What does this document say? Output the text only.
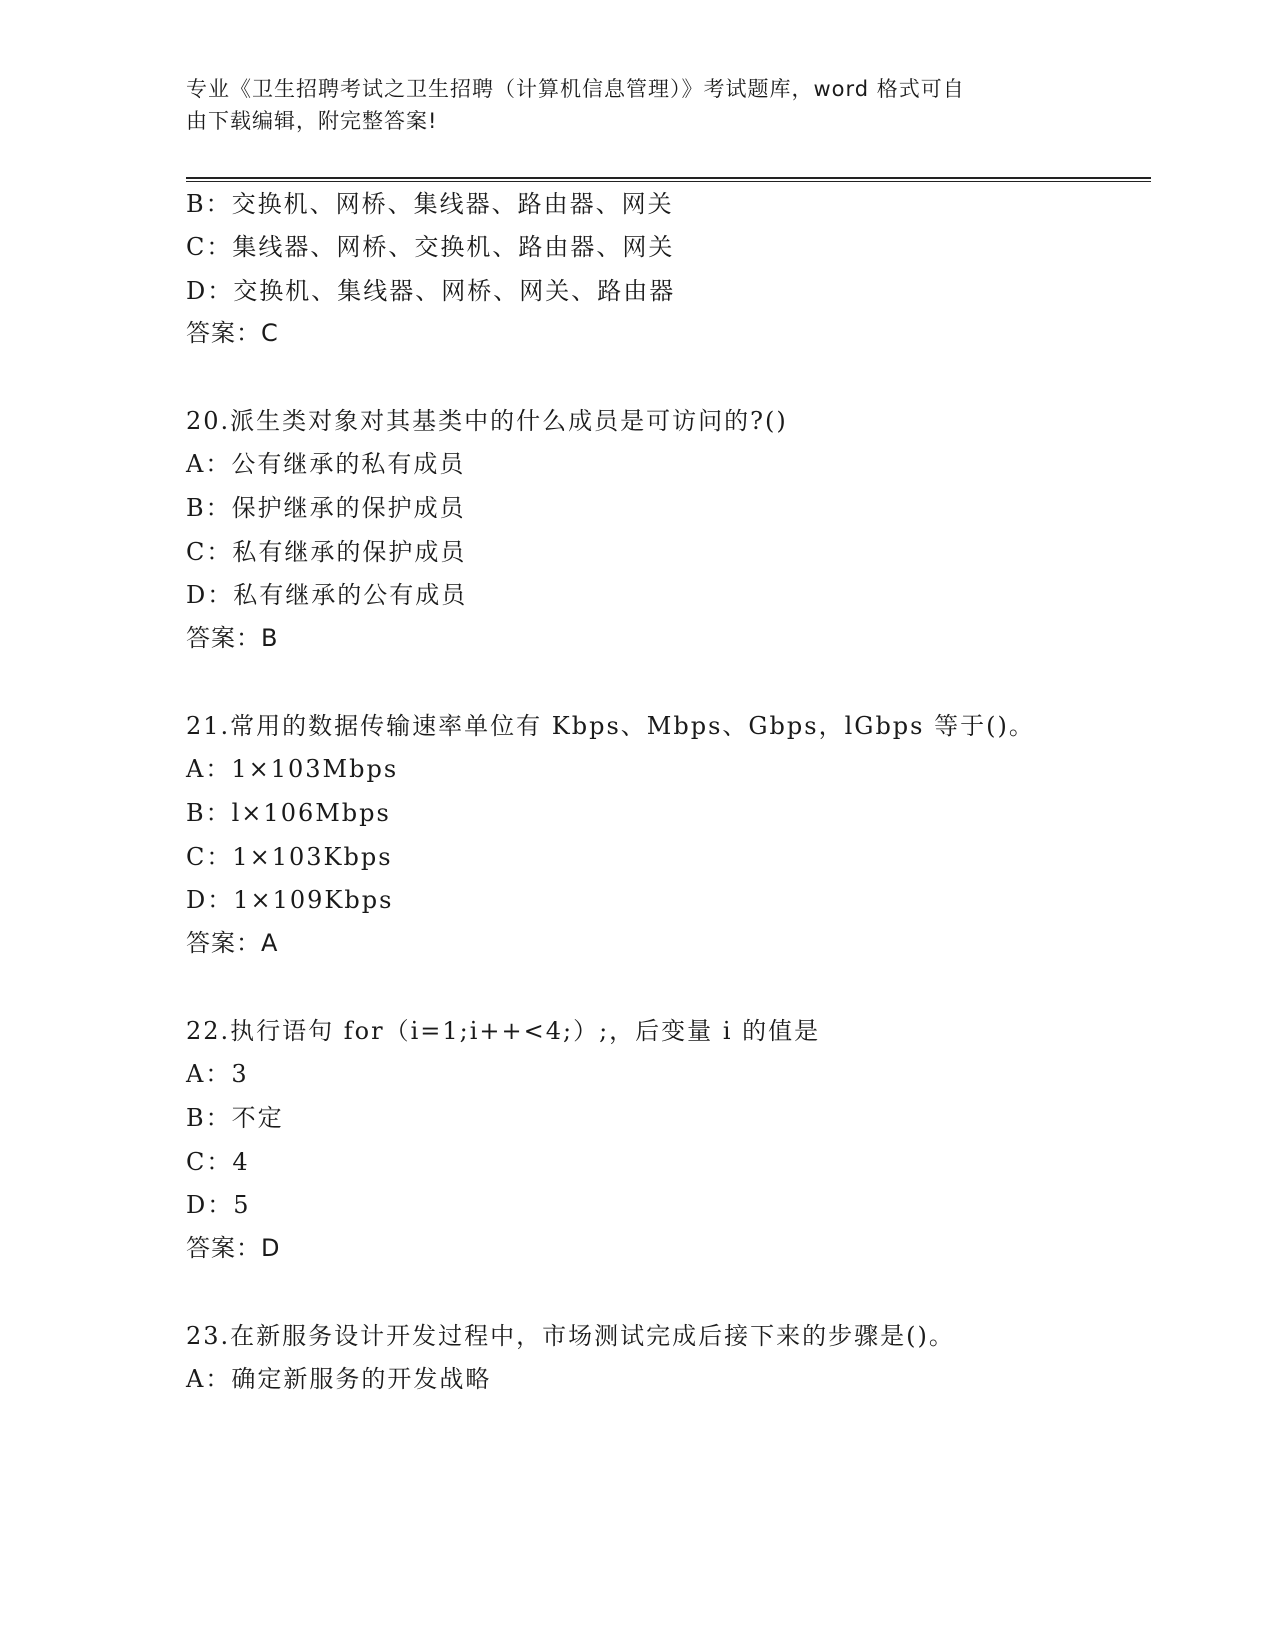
专业《卫生招聘考试之卫生招聘（计算机信息管理）》考试题库，word 格式可自
由下载编辑，附完整答案!
B：交换机、网桥、集线器、路由器、网关
C：集线器、网桥、交换机、路由器、网关
D：交换机、集线器、网桥、网关、路由器
答案：C
20.派生类对象对其基类中的什么成员是可访问的?()
A：公有继承的私有成员
B：保护继承的保护成员
C：私有继承的保护成员
D：私有继承的公有成员
答案：B
21.常用的数据传输速率单位有 Kbps、Mbps、Gbps，lGbps 等于()。
A：1×103Mbps
B：l×106Mbps
C：1×103Kbps
D：1×109Kbps
答案：A
22.执行语句 for（i=1;i++<4;）;，后变量 i 的值是
A：3
B：不定
C：4
D：5
答案：D
23.在新服务设计开发过程中，市场测试完成后接下来的步骤是()。
A：确定新服务的开发战略
